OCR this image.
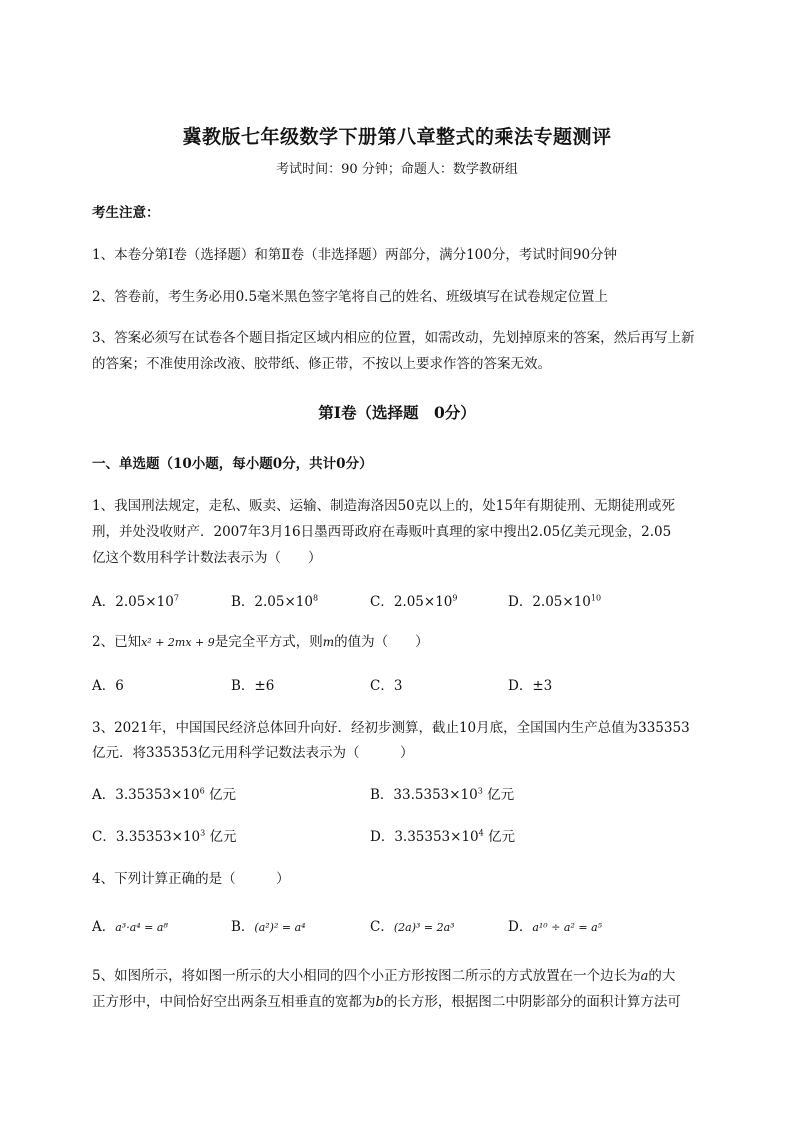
冀教版七年级数学下册第八章整式的乘法专题测评
考试时间：90 分钟；命题人：数学教研组
考生注意：
1、本卷分第Ⅰ卷（选择题）和第Ⅱ卷（非选择题）两部分，满分100分，考试时间90分钟
2、答卷前，考生务必用0.5毫米黑色签字笔将自己的姓名、班级填写在试卷规定位置上
3、答案必须写在试卷各个题目指定区域内相应的位置，如需改动，先划掉原来的答案，然后再写上新
的答案；不准使用涂改液、胶带纸、修正带，不按以上要求作答的答案无效。
第Ⅰ卷（选择题　0分）
一、单选题（10小题，每小题0分，共计0分）
1、我国刑法规定，走私、贩卖、运输、制造海洛因50克以上的，处15年有期徒刑、无期徒刑或死
刑，并处没收财产．2007年3月16日墨西哥政府在毒贩叶真理的家中搜出2.05亿美元现金，2.05
亿这个数用科学计数法表示为（　　）
A．$2.05\times 10^7$	B．$2.05\times 10^8$	C．$2.05\times 10^9$	D．$2.05\times 10^{10}$
2、已知x² + 2mx + 9是完全平方式，则m的值为（　　）
A．6	B．±6	C．3	D．±3
3、2021年，中国国民经济总体回升向好．经初步测算，截止10月底，全国国内生产总值为335353
亿元．将335353亿元用科学记数法表示为（　　　）
A．$3.35353\times 10^6$ 亿元	B．$33.5353\times 10^3$ 亿元
C．$3.35353\times 10^3$ 亿元	D．$3.35353\times 10^4$ 亿元
4、下列计算正确的是（　　　）
A．a³·a⁴ = a⁸	B．(a²)² = a⁴	C．(2a)³ = 2a³	D．a¹⁰ ÷ a² = a⁵
5、如图所示，将如图一所示的大小相同的四个小正方形按图二所示的方式放置在一个边长为a的大
正方形中，中间恰好空出两条互相垂直的宽都为b的长方形，根据图二中阴影部分的面积计算方法可
